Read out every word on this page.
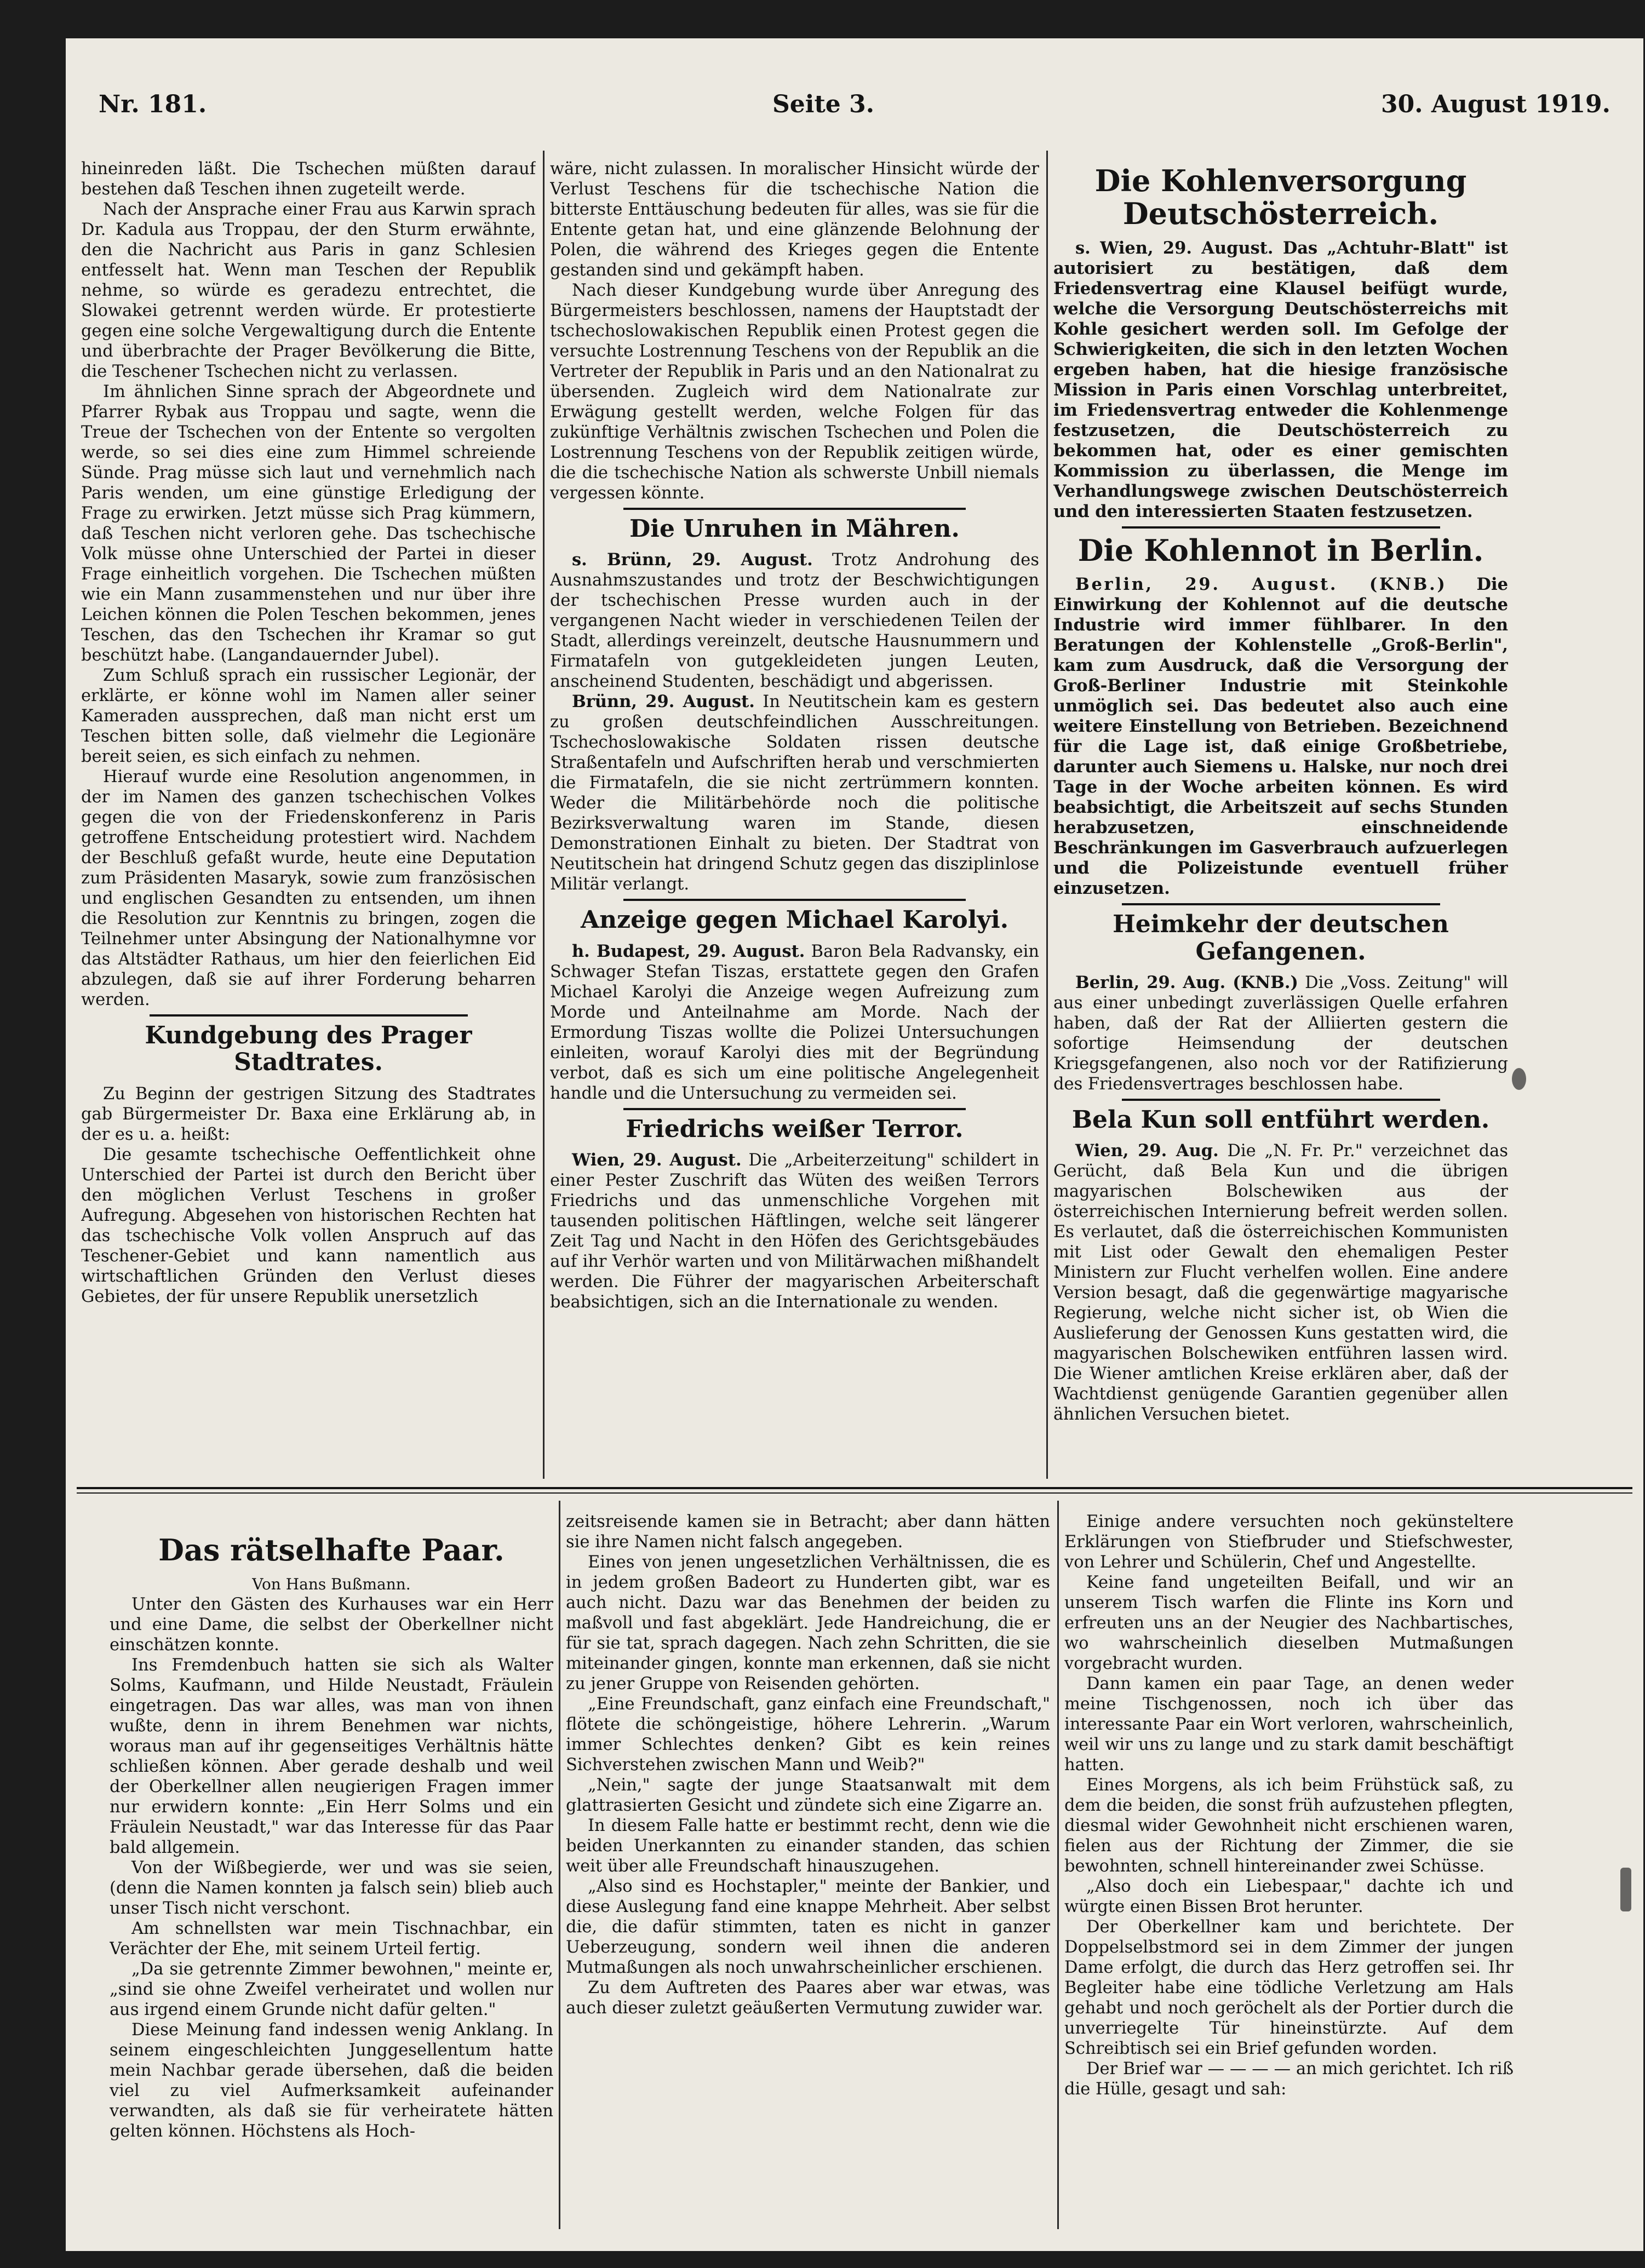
Nr. 181.	Seite 3.	30. August 1919.

hineinreden läßt. Die Tschechen müßten darauf bestehen daß Teschen ihnen zugeteilt werde.

Nach der Ansprache einer Frau aus Karwin sprach Dr. Kadula aus Troppau, der den Sturm erwähnte, den die Nachricht aus Paris in ganz Schlesien entfesselt hat. Wenn man Teschen der Republik nehme, so würde es geradezu entrechtet, die Slowakei getrennt werden würde. Er protestierte gegen eine solche Vergewaltigung durch die Entente und überbrachte der Prager Bevölkerung die Bitte, die Teschener Tschechen nicht zu verlassen.

Im ähnlichen Sinne sprach der Abgeordnete und Pfarrer Rybak aus Troppau und sagte, wenn die Treue der Tschechen von der Entente so vergolten werde, so sei dies eine zum Himmel schreiende Sünde. Prag müsse sich laut und vernehmlich nach Paris wenden, um eine günstige Erledigung der Frage zu erwirken. Jetzt müsse sich Prag kümmern, daß Teschen nicht verloren gehe. Das tschechische Volk müsse ohne Unterschied der Partei in dieser Frage einheitlich vorgehen. Die Tschechen müßten wie ein Mann zusammenstehen und nur über ihre Leichen können die Polen Teschen bekommen, jenes Teschen, das den Tschechen ihr Kramar so gut beschützt habe. (Langandauernder Jubel).

Zum Schluß sprach ein russischer Legionär, der erklärte, er könne wohl im Namen aller seiner Kameraden aussprechen, daß man nicht erst um Teschen bitten solle, daß vielmehr die Legionäre bereit seien, es sich einfach zu nehmen.

Hierauf wurde eine Resolution angenommen, in der im Namen des ganzen tschechischen Volkes gegen die von der Friedenskonferenz in Paris getroffene Entscheidung protestiert wird. Nachdem der Beschluß gefaßt wurde, heute eine Deputation zum Präsidenten Masaryk, sowie zum französischen und englischen Gesandten zu entsenden, um ihnen die Resolution zur Kenntnis zu bringen, zogen die Teilnehmer unter Absingung der Nationalhymne vor das Altstädter Rathaus, um hier den feierlichen Eid abzulegen, daß sie auf ihrer Forderung beharren werden.

Kundgebung des Prager Stadtrates.

Zu Beginn der gestrigen Sitzung des Stadtrates gab Bürgermeister Dr. Baxa eine Erklärung ab, in der es u. a. heißt:

Die gesamte tschechische Oeffentlichkeit ohne Unterschied der Partei ist durch den Bericht über den möglichen Verlust Teschens in großer Aufregung. Abgesehen von historischen Rechten hat das tschechische Volk vollen Anspruch auf das Teschener-Gebiet und kann namentlich aus wirtschaftlichen Gründen den Verlust dieses Gebietes, der für unsere Republik unersetzlich

wäre, nicht zulassen. In moralischer Hinsicht würde der Verlust Teschens für die tschechische Nation die bitterste Enttäuschung bedeuten für alles, was sie für die Entente getan hat, und eine glänzende Belohnung der Polen, die während des Krieges gegen die Entente gestanden sind und gekämpft haben.

Nach dieser Kundgebung wurde über Anregung des Bürgermeisters beschlossen, namens der Hauptstadt der tschechoslowakischen Republik einen Protest gegen die versuchte Lostrennung Teschens von der Republik an die Vertreter der Republik in Paris und an den Nationalrat zu übersenden. Zugleich wird dem Nationalrate zur Erwägung gestellt werden, welche Folgen für das zukünftige Verhältnis zwischen Tschechen und Polen die Lostrennung Teschens von der Republik zeitigen würde, die die tschechische Nation als schwerste Unbill niemals vergessen könnte.

Die Unruhen in Mähren.

s. Brünn, 29. August. Trotz Androhung des Ausnahmszustandes und trotz der Beschwichtigungen der tschechischen Presse wurden auch in der vergangenen Nacht wieder in verschiedenen Teilen der Stadt, allerdings vereinzelt, deutsche Hausnummern und Firmatafeln von gutgekleideten jungen Leuten, anscheinend Studenten, beschädigt und abgerissen.

Brünn, 29. August. In Neutitschein kam es gestern zu großen deutschfeindlichen Ausschreitungen. Tschechoslowakische Soldaten rissen deutsche Straßentafeln und Aufschriften herab und verschmierten die Firmatafeln, die sie nicht zertrümmern konnten. Weder die Militärbehörde noch die politische Bezirksverwaltung waren im Stande, diesen Demonstrationen Einhalt zu bieten. Der Stadtrat von Neutitschein hat dringend Schutz gegen das disziplinlose Militär verlangt.

Anzeige gegen Michael Karolyi.

h. Budapest, 29. August. Baron Bela Radvansky, ein Schwager Stefan Tiszas, erstattete gegen den Grafen Michael Karolyi die Anzeige wegen Aufreizung zum Morde und Anteilnahme am Morde. Nach der Ermordung Tiszas wollte die Polizei Untersuchungen einleiten, worauf Karolyi dies mit der Begründung verbot, daß es sich um eine politische Angelegenheit handle und die Untersuchung zu vermeiden sei.

Friedrichs weißer Terror.

Wien, 29. August. Die „Arbeiterzeitung" schildert in einer Pester Zuschrift das Wüten des weißen Terrors Friedrichs und das unmenschliche Vorgehen mit tausenden politischen Häftlingen, welche seit längerer Zeit Tag und Nacht in den Höfen des Gerichtsgebäudes auf ihr Verhör warten und von Militärwachen mißhandelt werden. Die Führer der magyarischen Arbeiterschaft beabsichtigen, sich an die Internationale zu wenden.

Die Kohlenversorgung Deutschösterreich.

s. Wien, 29. August. Das „Achtuhr-Blatt" ist autorisiert zu bestätigen, daß dem Friedensvertrag eine Klausel beifügt wurde, welche die Versorgung Deutschösterreichs mit Kohle gesichert werden soll. Im Gefolge der Schwierigkeiten, die sich in den letzten Wochen ergeben haben, hat die hiesige französische Mission in Paris einen Vorschlag unterbreitet, im Friedensvertrag entweder die Kohlenmenge festzusetzen, die Deutschösterreich zu bekommen hat, oder es einer gemischten Kommission zu überlassen, die Menge im Verhandlungswege zwischen Deutschösterreich und den interessierten Staaten festzusetzen.

Die Kohlennot in Berlin.

Berlin, 29. August. (KNB.) Die Einwirkung der Kohlennot auf die deutsche Industrie wird immer fühlbarer. In den Beratungen der Kohlenstelle „Groß-Berlin", kam zum Ausdruck, daß die Versorgung der Groß-Berliner Industrie mit Steinkohle unmöglich sei. Das bedeutet also auch eine weitere Einstellung von Betrieben. Bezeichnend für die Lage ist, daß einige Großbetriebe, darunter auch Siemens u. Halske, nur noch drei Tage in der Woche arbeiten können. Es wird beabsichtigt, die Arbeitszeit auf sechs Stunden herabzusetzen, einschneidende Beschränkungen im Gasverbrauch aufzuerlegen und die Polizeistunde eventuell früher einzusetzen.

Heimkehr der deutschen Gefangenen.

Berlin, 29. Aug. (KNB.) Die „Voss. Zeitung" will aus einer unbedingt zuverlässigen Quelle erfahren haben, daß der Rat der Alliierten gestern die sofortige Heimsendung der deutschen Kriegsgefangenen, also noch vor der Ratifizierung des Friedensvertrages beschlossen habe.

Bela Kun soll entführt werden.

Wien, 29. Aug. Die „N. Fr. Pr." verzeichnet das Gerücht, daß Bela Kun und die übrigen magyarischen Bolschewiken aus der österreichischen Internierung befreit werden sollen. Es verlautet, daß die österreichischen Kommunisten mit List oder Gewalt den ehemaligen Pester Ministern zur Flucht verhelfen wollen. Eine andere Version besagt, daß die gegenwärtige magyarische Regierung, welche nicht sicher ist, ob Wien die Auslieferung der Genossen Kuns gestatten wird, die magyarischen Bolschewiken entführen lassen wird. Die Wiener amtlichen Kreise erklären aber, daß der Wachtdienst genügende Garantien gegenüber allen ähnlichen Versuchen bietet.

Das rätselhafte Paar.

Von Hans Bußmann.

Unter den Gästen des Kurhauses war ein Herr und eine Dame, die selbst der Oberkellner nicht einschätzen konnte.

Ins Fremdenbuch hatten sie sich als Walter Solms, Kaufmann, und Hilde Neustadt, Fräulein eingetragen. Das war alles, was man von ihnen wußte, denn in ihrem Benehmen war nichts, woraus man auf ihr gegenseitiges Verhältnis hätte schließen können. Aber gerade deshalb und weil der Oberkellner allen neugierigen Fragen immer nur erwidern konnte: „Ein Herr Solms und ein Fräulein Neustadt," war das Interesse für das Paar bald allgemein.

Von der Wißbegierde, wer und was sie seien, (denn die Namen konnten ja falsch sein) blieb auch unser Tisch nicht verschont.

Am schnellsten war mein Tischnachbar, ein Verächter der Ehe, mit seinem Urteil fertig.

„Da sie getrennte Zimmer bewohnen," meinte er, „sind sie ohne Zweifel verheiratet und wollen nur aus irgend einem Grunde nicht dafür gelten."

Diese Meinung fand indessen wenig Anklang. In seinem eingeschleichten Junggesellentum hatte mein Nachbar gerade übersehen, daß die beiden viel zu viel Aufmerksamkeit aufeinander verwandten, als daß sie für verheiratete hätten gelten können. Höchstens als Hoch-

zeitsreisende kamen sie in Betracht; aber dann hätten sie ihre Namen nicht falsch angegeben.

Eines von jenen ungesetzlichen Verhältnissen, die es in jedem großen Badeort zu Hunderten gibt, war es auch nicht. Dazu war das Benehmen der beiden zu maßvoll und fast abgeklärt. Jede Handreichung, die er für sie tat, sprach dagegen. Nach zehn Schritten, die sie miteinander gingen, konnte man erkennen, daß sie nicht zu jener Gruppe von Reisenden gehörten.

„Eine Freundschaft, ganz einfach eine Freundschaft," flötete die schöngeistige, höhere Lehrerin. „Warum immer Schlechtes denken? Gibt es kein reines Sichverstehen zwischen Mann und Weib?"

„Nein," sagte der junge Staatsanwalt mit dem glattrasierten Gesicht und zündete sich eine Zigarre an.

In diesem Falle hatte er bestimmt recht, denn wie die beiden Unerkannten zu einander standen, das schien weit über alle Freundschaft hinauszugehen.

„Also sind es Hochstapler," meinte der Bankier, und diese Auslegung fand eine knappe Mehrheit. Aber selbst die, die dafür stimmten, taten es nicht in ganzer Ueberzeugung, sondern weil ihnen die anderen Mutmaßungen als noch unwahrscheinlicher erschienen.

Zu dem Auftreten des Paares aber war etwas, was auch dieser zuletzt geäußerten Vermutung zuwider war.

Einige andere versuchten noch gekünsteltere Erklärungen von Stiefbruder und Stiefschwester, von Lehrer und Schülerin, Chef und Angestellte.

Keine fand ungeteilten Beifall, und wir an unserem Tisch warfen die Flinte ins Korn und erfreuten uns an der Neugier des Nachbartisches, wo wahrscheinlich dieselben Mutmaßungen vorgebracht wurden.

Dann kamen ein paar Tage, an denen weder meine Tischgenossen, noch ich über das interessante Paar ein Wort verloren, wahrscheinlich, weil wir uns zu lange und zu stark damit beschäftigt hatten.

Eines Morgens, als ich beim Frühstück saß, zu dem die beiden, die sonst früh aufzustehen pflegten, diesmal wider Gewohnheit nicht erschienen waren, fielen aus der Richtung der Zimmer, die sie bewohnten, schnell hintereinander zwei Schüsse.

„Also doch ein Liebespaar," dachte ich und würgte einen Bissen Brot herunter.

Der Oberkellner kam und berichtete. Der Doppelselbstmord sei in dem Zimmer der jungen Dame erfolgt, die durch das Herz getroffen sei. Ihr Begleiter habe eine tödliche Verletzung am Hals gehabt und noch geröchelt als der Portier durch die unverriegelte Tür hineinstürzte. Auf dem Schreibtisch sei ein Brief gefunden worden.

Der Brief war — — — — an mich gerichtet. Ich riß die Hülle, gesagt und sah:
